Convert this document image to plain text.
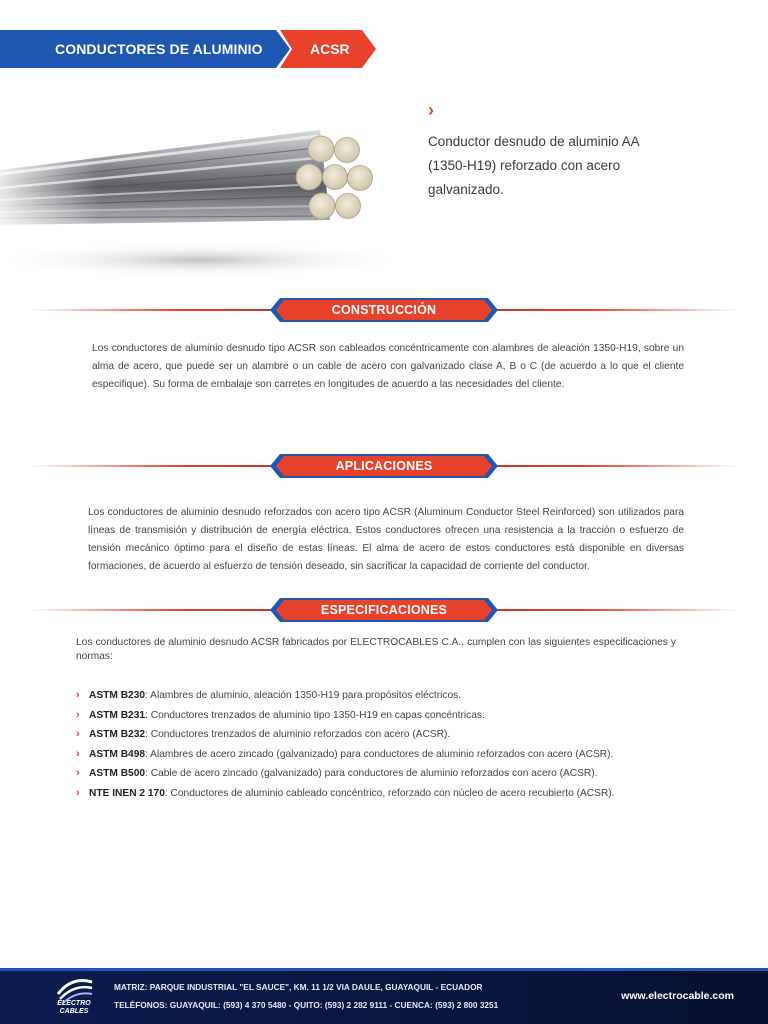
CONDUCTORES DE ALUMINIO	ACSR
›

Conductor desnudo de aluminio AA (1350-H19) reforzado con acero galvanizado.

CONSTRUCCIÓN

Los conductores de aluminio desnudo tipo ACSR son cableados concéntricamente con alambres de aleación 1350-H19, sobre un alma de acero, que puede ser un alambre o un cable de acero con galvanizado clase A, B o C (de acuerdo a lo que el cliente especifique). Su forma de embalaje son carretes en longitudes de acuerdo a las necesidades del cliente.

APLICACIONES

Los conductores de aluminio desnudo reforzados con acero tipo ACSR (Aluminum Conductor Steel Reinforced) son utilizados para líneas de transmisión y distribución de energía eléctrica. Estos conductores ofrecen una resistencia a la tracción o esfuerzo de tensión mecánico óptimo para el diseño de estas líneas. El alma de acero de estos conductores está disponible en diversas formaciones, de acuerdo al esfuerzo de tensión deseado, sin sacrificar la capacidad de corriente del conductor.

ESPECIFICACIONES

Los conductores de aluminio desnudo ACSR fabricados por ELECTROCABLES C.A., cumplen con las siguientes especificaciones y normas:

› ASTM B230: Alambres de aluminio, aleación 1350-H19 para propósitos eléctricos.
› ASTM B231: Conductores trenzados de aluminio tipo 1350-H19 en capas concéntricas.
› ASTM B232: Conductores trenzados de aluminio reforzados con acero (ACSR).
› ASTM B498: Alambres de acero zincado (galvanizado) para conductores de aluminio reforzados con acero (ACSR).
› ASTM B500: Cable de acero zincado (galvanizado) para conductores de aluminio reforzados con acero (ACSR).
› NTE INEN 2 170: Conductores de aluminio cableado concéntrico, reforzado con núcleo de acero recubierto (ACSR).
ELECTRO
CABLES
MATRIZ: PARQUE INDUSTRIAL "EL SAUCE", KM. 11 1/2 VIA DAULE, GUAYAQUIL - ECUADOR
TELÉFONOS: GUAYAQUIL: (593) 4 370 5480 - QUITO: (593) 2 282 9111 - CUENCA: (593) 2 800 3251
www.electrocable.com
